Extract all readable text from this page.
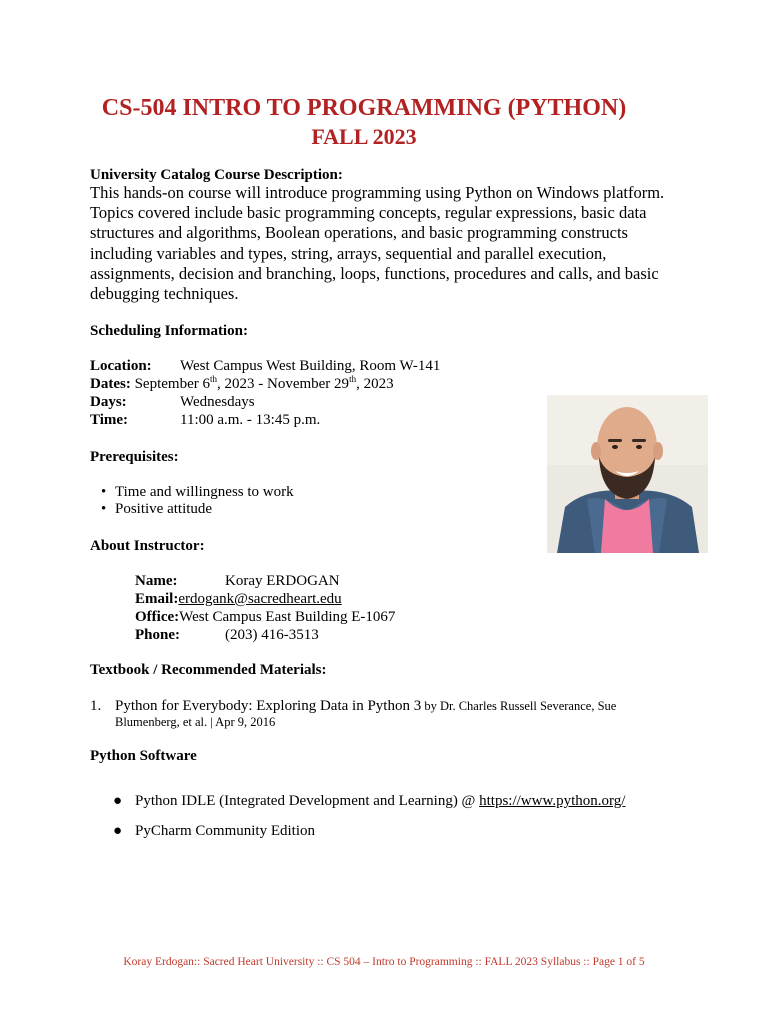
CS-504 INTRO TO PROGRAMMING (PYTHON)
FALL 2023
University Catalog Course Description:
This hands-on course will introduce programming using Python on Windows platform. Topics covered include basic programming concepts, regular expressions, basic data structures and algorithms, Boolean operations, and basic programming constructs including variables and types, string, arrays, sequential and parallel execution, assignments, decision and branching, loops, functions, procedures and calls, and basic debugging techniques.
Scheduling Information:
Location: West Campus West Building, Room W-141
Dates: September 6th, 2023 - November 29th, 2023
Days:	Wednesdays
Time:	11:00 a.m. - 13:45 p.m.
Prerequisites:
• Time and willingness to work
• Positive attitude
About Instructor:
Name:	Koray ERDOGAN
Email:erdogank@sacredheart.edu
Office:West Campus East Building E-1067
Phone:	(203) 416-3513
Textbook / Recommended Materials:
1. Python for Everybody: Exploring Data in Python 3 by Dr. Charles Russell Severance, Sue
Blumenberg, et al. | Apr 9, 2016
Python Software
● Python IDLE (Integrated Development and Learning) @ https://www.python.org/
● PyCharm Community Edition
Koray Erdogan:: Sacred Heart University :: CS 504 – Intro to Programming :: FALL 2023 Syllabus :: Page 1 of 5
